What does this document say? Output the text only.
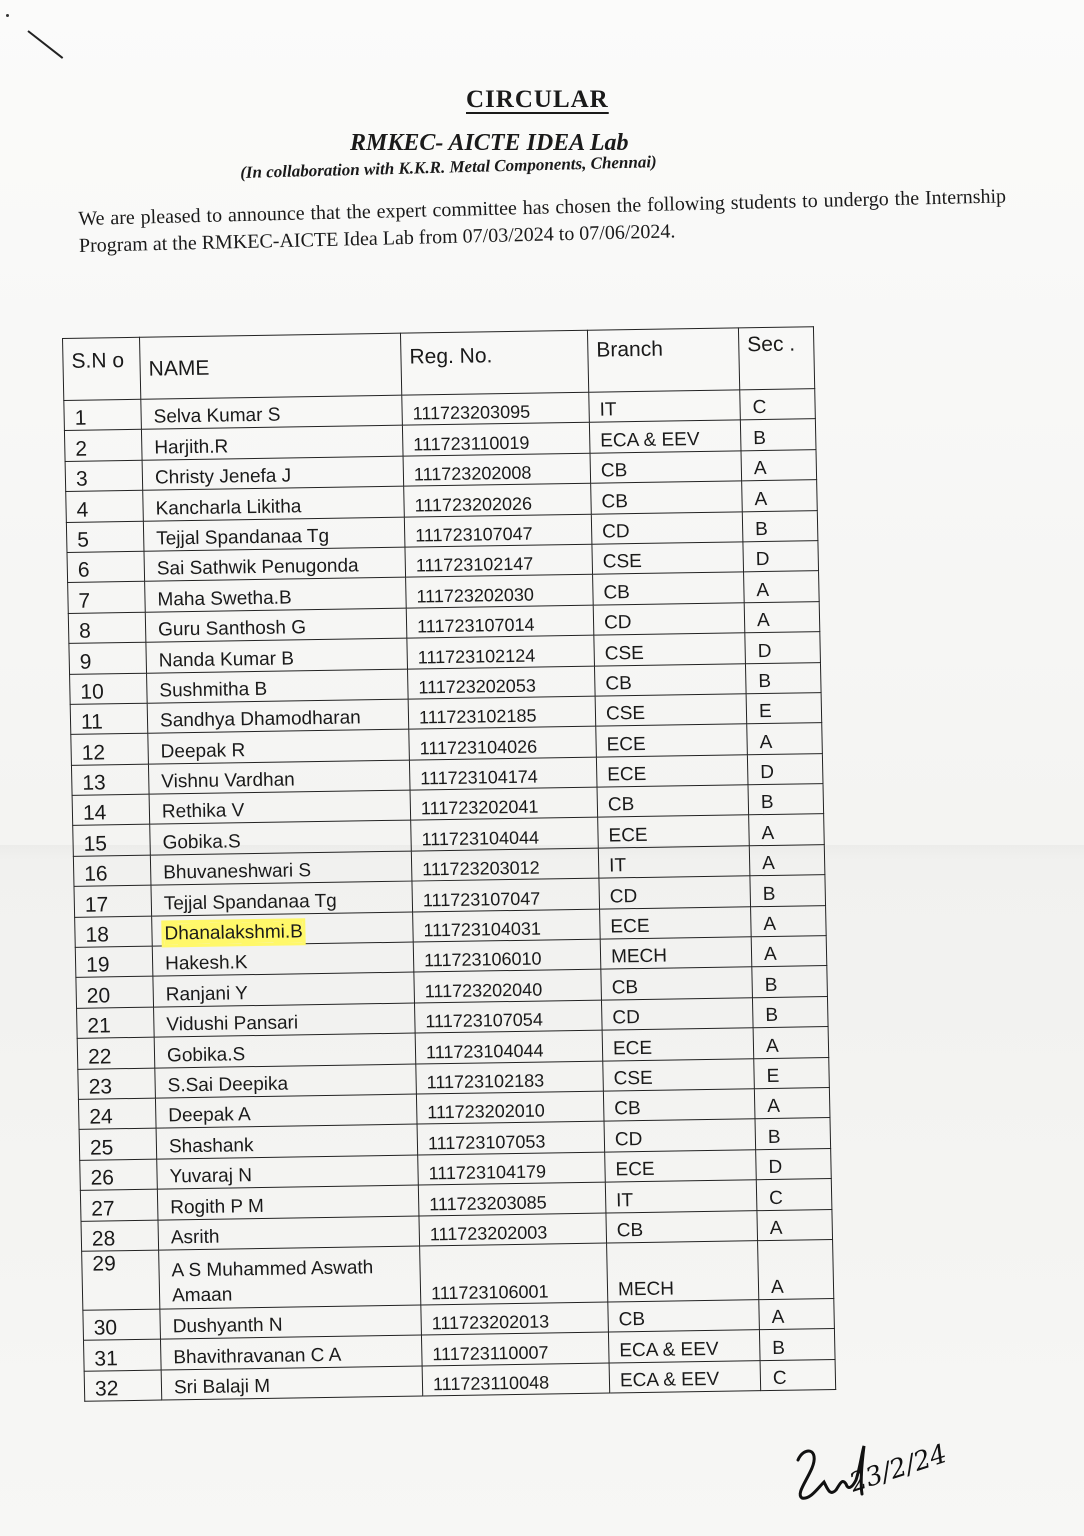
CIRCULAR
RMKEC- AICTE IDEA Lab
(In collaboration with K.K.R. Metal Components, Chennai)
We are pleased to announce that the expert committee has chosen the following students to undergo the Internship Program at the RMKEC-AICTE Idea Lab from 07/03/2024 to 07/06/2024.
S.N o	NAME	Reg. No.	Branch	Sec .
1	Selva Kumar S	111723203095	IT	C
2	Harjith.R	111723110019	ECA & EEV	B
3	Christy Jenefa J	111723202008	CB	A
4	Kancharla Likitha	111723202026	CB	A
5	Tejjal Spandanaa Tg	111723107047	CD	B
6	Sai Sathwik Penugonda	111723102147	CSE	D
7	Maha Swetha.B	111723202030	CB	A
8	Guru Santhosh G	111723107014	CD	A
9	Nanda Kumar B	111723102124	CSE	D
10	Sushmitha B	111723202053	CB	B
11	Sandhya Dhamodharan	111723102185	CSE	E
12	Deepak R	111723104026	ECE	A
13	Vishnu Vardhan	111723104174	ECE	D
14	Rethika V	111723202041	CB	B
15	Gobika.S	111723104044	ECE	A
16	Bhuvaneshwari S	111723203012	IT	A
17	Tejjal Spandanaa Tg	111723107047	CD	B
18	Dhanalakshmi.B	111723104031	ECE	A
19	Hakesh.K	111723106010	MECH	A
20	Ranjani Y	111723202040	CB	B
21	Vidushi Pansari	111723107054	CD	B
22	Gobika.S	111723104044	ECE	A
23	S.Sai Deepika	111723102183	CSE	E
24	Deepak A	111723202010	CB	A
25	Shashank	111723107053	CD	B
26	Yuvaraj N	111723104179	ECE	D
27	Rogith P M	111723203085	IT	C
28	Asrith	111723202003	CB	A
29	A S Muhammed Aswath Amaan	111723106001	MECH	A
30	Dushyanth N	111723202013	CB	A
31	Bhavithravanan C A	111723110007	ECA & EEV	B
32	Sri Balaji M	111723110048	ECA & EEV	C
23/2/24
